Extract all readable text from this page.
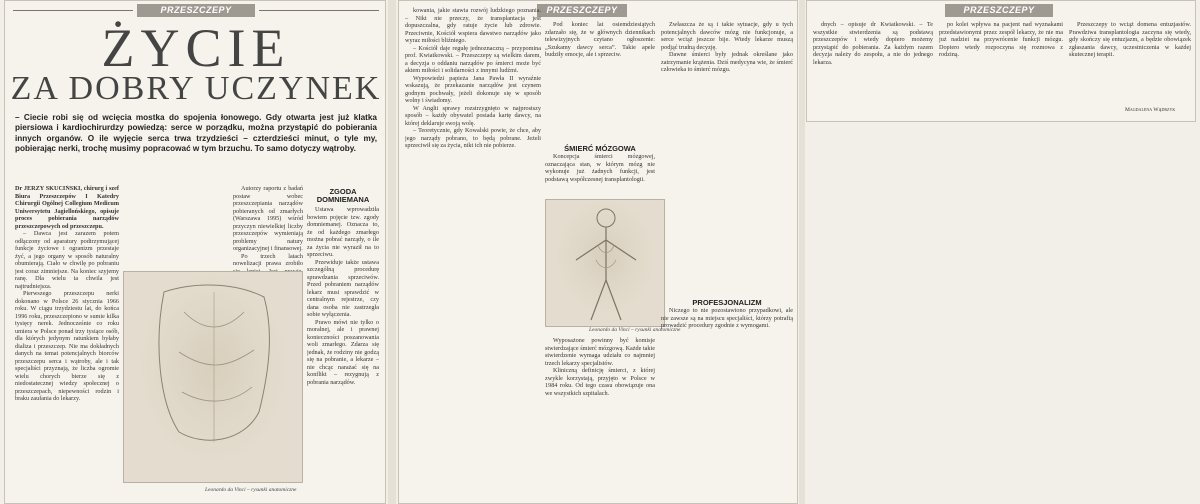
PRZESZCZEPY
ŻYCIE
ZA DOBRY UCZYNEK
– Ciecie robi się od wcięcia mostka do spojenia łonowego. Gdy otwarta jest już klatka piersiowa i kardiochirurdzy powiedzą: serce w porządku, można przystąpić do pobierania innych organów. O ile wyjęcie serca trwa trzydzieści – czterdzieści minut, o tyle my, pobierając nerki, trochę musimy popracować w tym brzuchu. To samo dotyczy wątroby.

Dr JERZY SKUCIŃSKI, chirurg i szef Biura Przeszczepów I Katedry Chirurgii Ogólnej Collegium Medicum Uniwersytetu Jagiellońskiego, opisuje proces pobierania narządów przeszczepowych od przeszczepu.

– Dawca jest zarazem potem odłączony od aparatury podtrzymującej funkcje życiowe i ogranizm przestaje żyć, a jego organy w sposób naturalny obumierają. Ciało w chwilę po pobraniu jest coraz zimniejsze. Na koniec szyjemy ranę. Dla wielu ta chwila jest najtrudniejsza.

Pierwszego przeszczepu nerki dokonano w Polsce 26 stycznia 1966 roku. W ciągu trzydziestu lat, do końca 1996 roku, przeszczepiono w sumie kilka tysięcy nerek. Jednocześnie co roku umiera w Polsce ponad trzy tysiące osób, dla których jedynym ratunkiem byłaby dializa i przeszczep. Nie ma dokładnych danych na temat potencjalnych biorców przeszczepu serca i wątroby, ale i tak specjaliści przyznają, że liczba ogromie wielu chorych bierze się z niedostatecznej wiedzy społecznej o przeszczepach, niepewności rodzin i braku zaufania do lekarzy.

Autorzy raportu z badań postaw wobec przeszczepiania narządów pobieranych od zmarłych (Warszawa 1995) wśród przyczyn niewielkiej liczby przeszczepów wymieniają problemy natury organizacyjnej i finansowej.

Po trzech latach nowelizacji prawa zrobiło

ZGODA DOMNIEMANA

Ustawa wprowadziła bowiem pojęcie tzw. zgody domniemanej. Oznacza to, że od każdego zmarłego można pobrać narządy, o ile za życia nie wyraził na to sprzeciwu.

Przewiduje także ustawa szczególną procedurę sprawdzania sprzeciwów. Przed pobraniem narządów lekarz musi sprawdzić w centralnym rejestrze, czy dana osoba nie zastrzegła sobie wyłączenia.

Prawo mówi nie tylko o moralnej, ale i prawnej konieczności poszanowania woli zmarłego. Zdarza się jednak, że rodziny nie godzą się na pobranie, a lekarze – nie chcąc narażać się na konflikt – rezygnują z pobrania narządów.

Leonardo da Vinci – rysunki anatomiczne
PRZESZCZEPY

kowania, jakie stawia rozwój ludzkiego poznania. – Nikt nie przeczy, że transplantacja jest dopuszczalna, gdy ratuje życie lub zdrowie. Przeciwnie, Kościół wspiera dawstwo narządów jako wyraz miłości bliźniego.

– Kościół daje regułę jednoznaczną – przypomina prof. Kwiatkowski. – Przeszczepy są wielkim darem, a decyzja o oddaniu narządów po śmierci może być aktem miłości i solidarności z innymi ludźmi.

Wypowiedzi papieża Jana Pawła II wyraźnie wskazują, że przekazanie narządów jest czynem godnym pochwały, jeżeli dokonuje się w sposób wolny i świadomy.

W Anglii sprawy rozstrzygnięto w najprostszy sposób – każdy obywatel posiada kartę dawcy, na której deklaruje swoją wolę.

– Teoretycznie, gdy Kowalski powie, że chce, aby jego narządy pobrano, to będą pobrane. Jeżeli sprzeciwił się za życia, nikt ich nie pobierze.

Pod koniec lat osiemdziesiątych zdarzało się, że w głównych dziennikach telewizyjnych czytano ogłoszenie: „Szukamy dawcy serca”. Takie apele budziły emocje, ale i sprzeciw.

ŚMIERĆ MÓZGOWA

Koncepcja śmierci mózgowej, oznaczająca stan, w którym mózg nie wykonuje już żadnych funkcji, jest podstawą współczesnej transplantologii.

Leonardo da Vinci – rysunki anatomiczne

Wyposażone powinny być komisje stwierdzające śmierć mózgową. Każde takie stwierdzenie wymaga udziału co najmniej trzech lekarzy specjalistów.

Kliniczną definicję śmierci, z której zwykle korzystają, przyjęto w Polsce w 1984 roku. Od tego czasu obowiązuje ona we wszystkich szpitalach.

Zwłaszcza że są i takie sytuacje, gdy u tych potencjalnych dawców mózg nie funkcjonuje, a serce wciąż jeszcze bije. Wtedy lekarze muszą podjąć trudną decyzję.

Dawne śmierci były jednak określane jako zatrzymanie krążenia. Dziś medycyna wie, że śmierć człowieka to śmierć mózgu.

PROFESJONALIZM

Niczego to nie pozostawiono przypadkowi, ale nie zawsze są na miejscu specjaliści, którzy potrafią prowadzić procedury zgodnie z wymogami.

PRZESZCZEPY

dnych – opisuje dr Kwiatkowski. – Te wszystkie stwierdzenia są podstawą przeszczepów i wtedy dopiero możemy przystąpić do pobierania. Za każdym razem decyzja należy do zespołu, a nie do jednego lekarza.

po kolei wpływa na pacjent nad wyznakami przedstawionymi przez zespół lekarzy, że nie ma już nadziei na przywrócenie funkcji mózgu. Dopiero wtedy rozpoczyna się rozmowa z rodziną.

Przeszczepy to wciąż domena entuzjastów. Prawdziwa transplantologia zaczyna się wtedy, gdy skończy się entuzjazm, a będzie obowiązek zgłaszania dawcy, uczestniczenia w każdej skutecznej terapii.

Magdalena Wądrzyk
